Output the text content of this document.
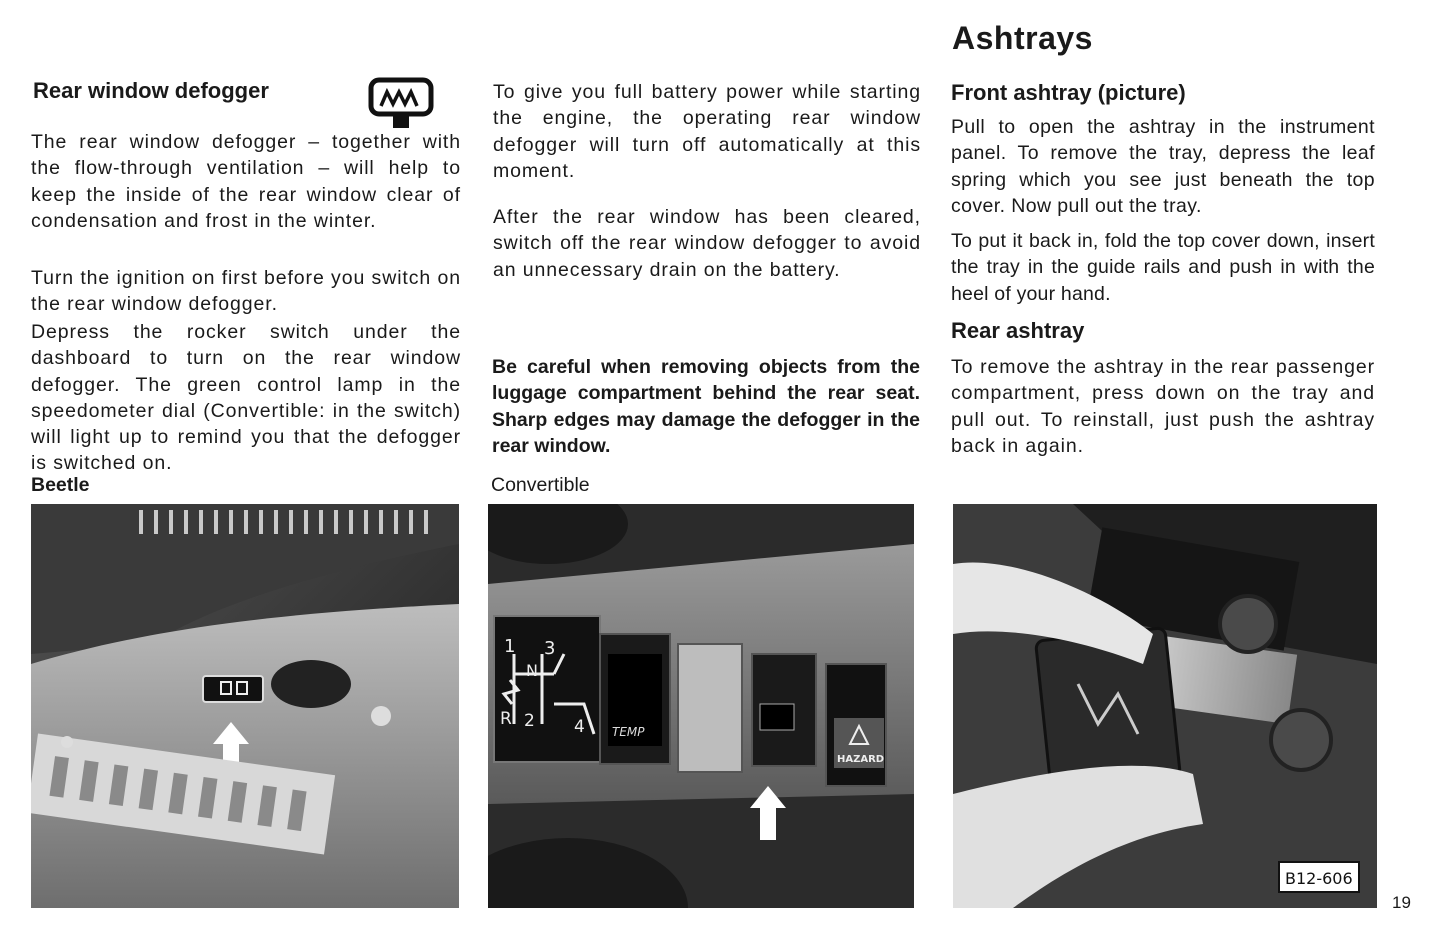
Rear window defogger

The rear window defogger – together with the flow-through ventilation – will help to keep the inside of the rear window clear of condensation and frost in the winter.

Turn the ignition on first before you switch on the rear window defogger.

Depress the rocker switch under the dashboard to turn on the rear window defogger. The green control lamp in the speedometer dial (Convertible: in the switch) will light up to remind you that the defogger is switched on.

Beetle

To give you full battery power while starting the engine, the operating rear window defogger will turn off automatically at this moment.

After the rear window has been cleared, switch off the rear window defogger to avoid an unnecessary drain on the battery.

Be careful when removing objects from the luggage compartment behind the rear seat. Sharp edges may damage the defogger in the rear window.

Convertible
1 3
N
R 2 4 TEMP
HAZARD
Ashtrays
Front ashtray (picture)

Pull to open the ashtray in the instrument panel. To remove the tray, depress the leaf spring which you see just beneath the top cover. Now pull out the tray.

To put it back in, fold the top cover down, insert the tray in the guide rails and push in with the heel of your hand.

Rear ashtray

To remove the ashtray in the rear passenger compartment, press down on the tray and pull out. To reinstall, just push the ashtray back in again.

B12-606
19
